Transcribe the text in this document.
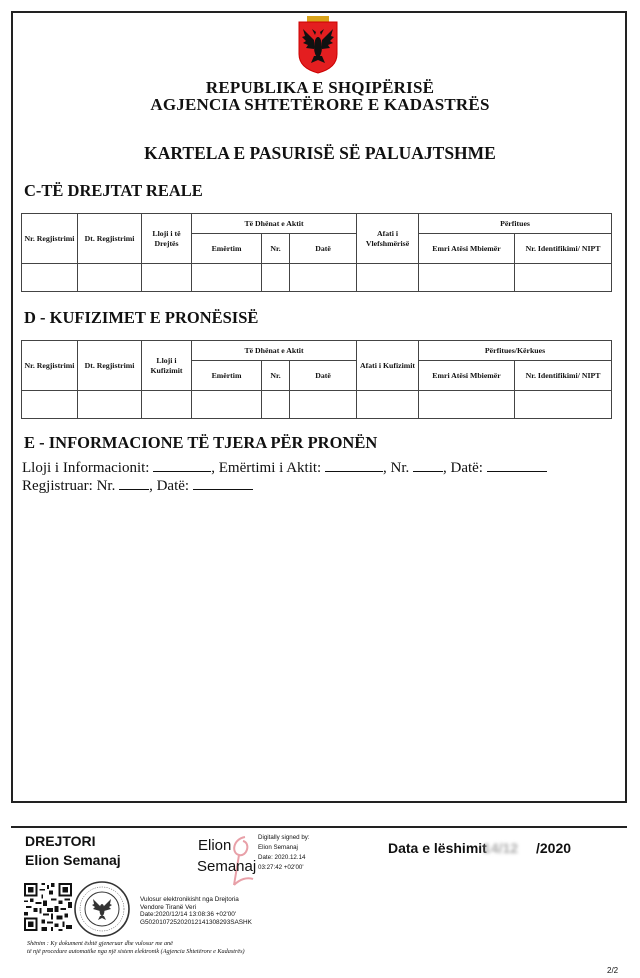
REPUBLIKA E SHQIPËRISË
AGJENCIA SHTETËRORE E KADASTRËS
KARTELA E PASURISË SË PALUAJTSHME
C-TË DREJTAT REALE
Nr. Regjistrimi	Dt. Regjistrimi	Lloji i të Drejtës	Të Dhënat e Aktit			Afati i Vlefshmërisë	Përfitues	
			Emërtim	Nr.	Datë		Emri Atësi Mbiemër	Nr. Identifikimi/ NIPT

D - KUFIZIMET E PRONËSISË
Nr. Regjistrimi	Dt. Regjistrimi	Lloji i Kufizimit	Të Dhënat e Aktit			Afati i Kufizimit	Përfitues/Kërkues	
			Emërtim	Nr.	Datë		Emri Atësi Mbiemër	Nr. Identifikimi/ NIPT

E - INFORMACIONE TË TJERA PËR PRONËN
Lloji i Informacionit:	, Emërtimi i Aktit:	, Nr. , Datë:
Regjistruar: Nr. , Datë:
DREJTORI
Elion Semanaj
Elion
Semanaj
Digitally signed by:
Elion Semanaj
Date: 2020.12.14
03:27:42 +02'00'
Data e lëshimit
14/12 /2020
Vulosur elektronikisht nga Drejtoria
Vendore Tiranë Veri
Date:2020/12/14 13:08:36 +02'00'
G502010725202012141308293SASHK
Shënim : Ky dokument është gjeneruar dhe vulosur me anë
të një procedure automatike nga një sistem elektronik (Agjencia Shtetërore e Kadastrës)
2/2
